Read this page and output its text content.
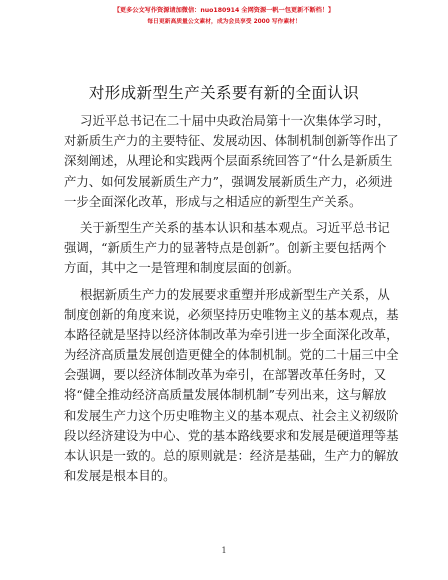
【更多公文写作资源请加微信：nuo180914 全网资源一帆一包更新不断档！】
每日更新高质量公文素材，成为会员享受 2000 写作素材！
对形成新型生产关系要有新的全面认识
习近平总书记在二十届中央政治局第十一次集体学习时，
对新质生产力的主要特征、发展动因、体制机制创新等作出了
深刻阐述，从理论和实践两个层面系统回答了“什么是新质生
产力、如何发展新质生产力”，强调发展新质生产力，必须进
一步全面深化改革，形成与之相适应的新型生产关系。
关于新型生产关系的基本认识和基本观点。习近平总书记
强调，“新质生产力的显著特点是创新”。创新主要包括两个
方面，其中之一是管理和制度层面的创新。
根据新质生产力的发展要求重塑并形成新型生产关系，从
制度创新的角度来说，必须坚持历史唯物主义的基本观点，基
本路径就是坚持以经济体制改革为牵引进一步全面深化改革，
为经济高质量发展创造更健全的体制机制。党的二十届三中全
会强调，要以经济体制改革为牵引，在部署改革任务时，又
将“健全推动经济高质量发展体制机制”专列出来，这与解放
和发展生产力这个历史唯物主义的基本观点、社会主义初级阶
段以经济建设为中心、党的基本路线要求和发展是硬道理等基
本认识是一致的。总的原则就是：经济是基础，生产力的解放
和发展是根本目的。
1
